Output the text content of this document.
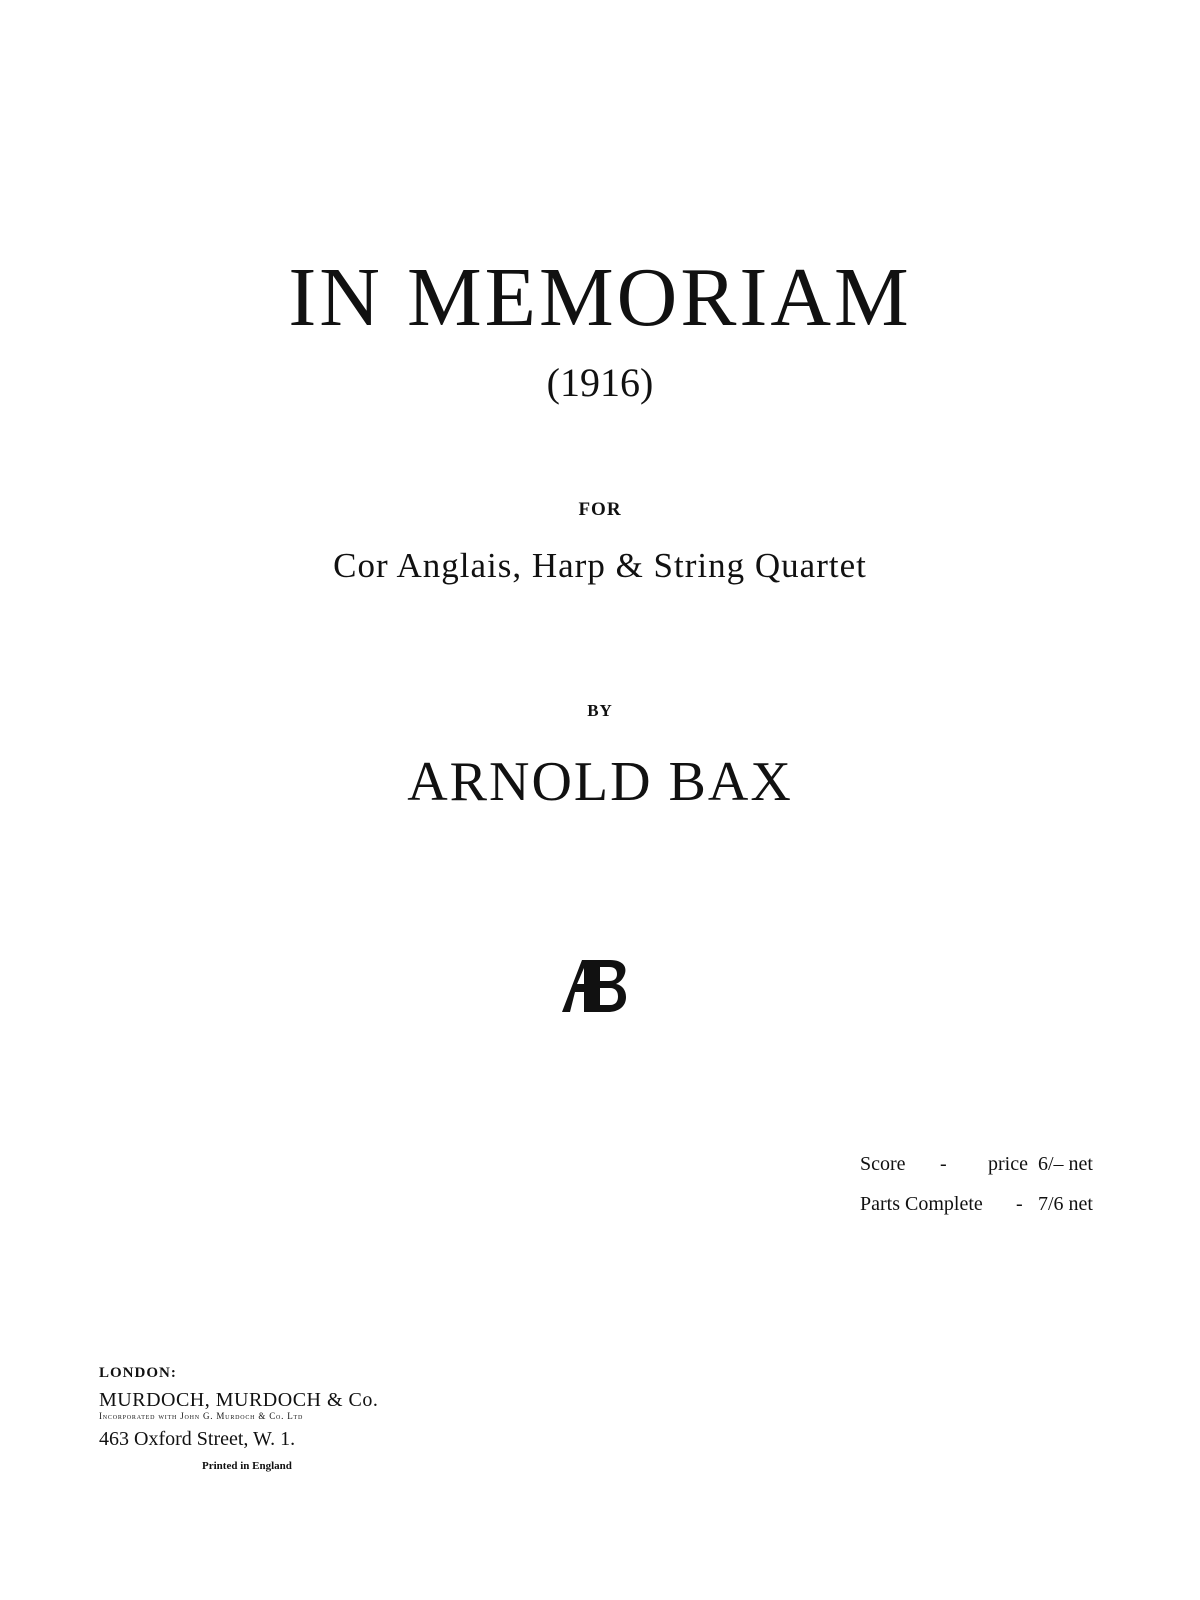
IN MEMORIAM
(1916)
FOR
Cor Anglais, Harp & String Quartet
BY
ARNOLD BAX
Score	-	price 6/– net
Parts Complete	- 7/6 net
LONDON:
MURDOCH, MURDOCH & Co.
Incorporated with John G. Murdoch & Co. Ltd
463 Oxford Street, W. 1.
Printed in England
